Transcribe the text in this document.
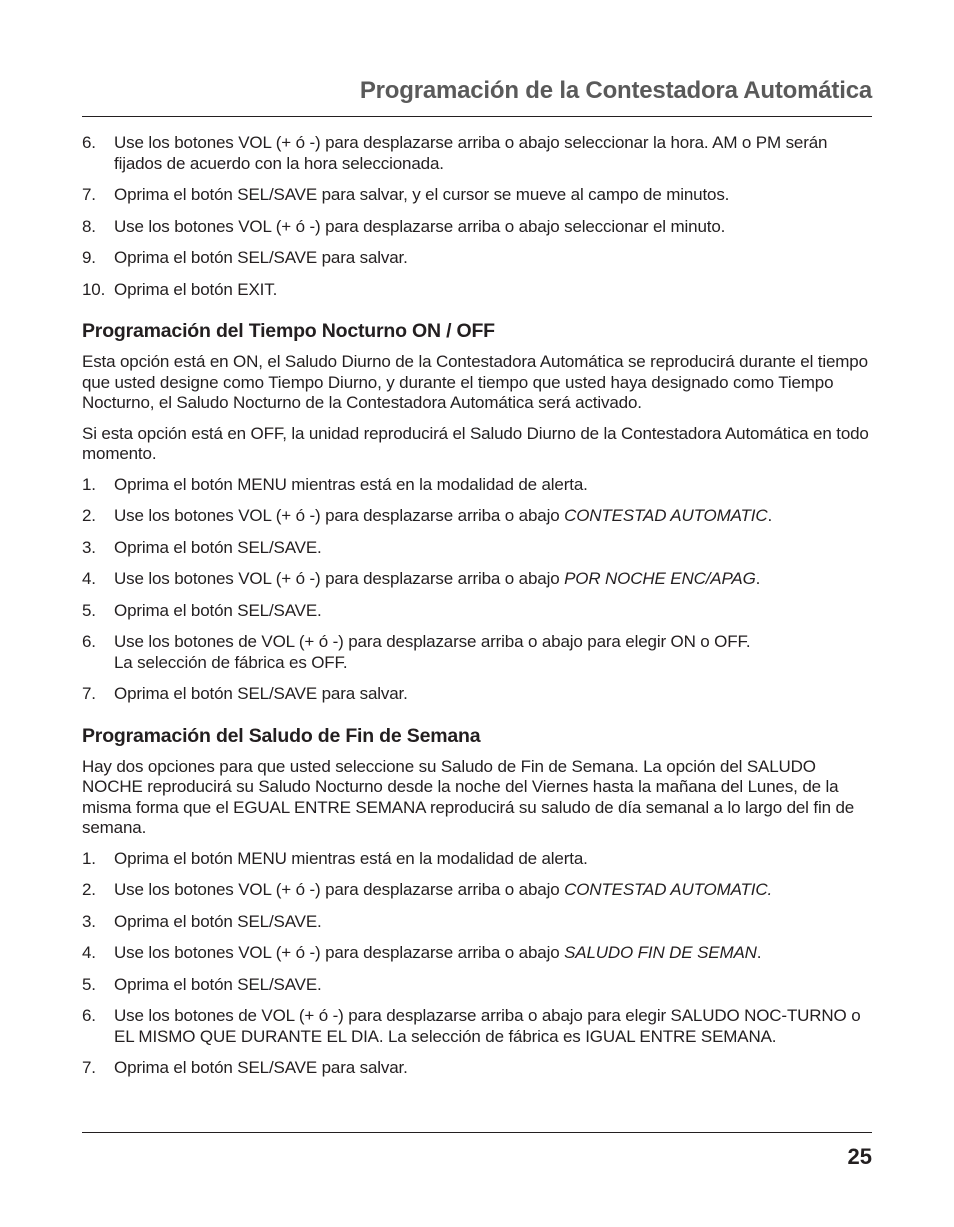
Programación de la Contestadora Automática
6.	Use los botones VOL (+ ó -) para desplazarse arriba o abajo seleccionar la hora. AM o PM serán fijados de acuerdo con la hora seleccionada.
7.	Oprima el botón SEL/SAVE para salvar, y el cursor se mueve al campo de minutos.
8.	Use los botones VOL (+ ó -) para desplazarse arriba o abajo seleccionar el minuto.
9.	Oprima el botón SEL/SAVE para salvar.
10. Oprima el botón EXIT.
Programación del Tiempo Nocturno ON / OFF

Esta opción está en ON, el Saludo Diurno de la Contestadora Automática se reproducirá durante el tiempo que usted designe como Tiempo Diurno, y durante el tiempo que usted haya designado como Tiempo Nocturno, el Saludo Nocturno de la Contestadora Automática será activado.

Si esta opción está en OFF, la unidad reproducirá el Saludo Diurno de la Contestadora Automática en todo momento.

1.	Oprima el botón MENU mientras está en la modalidad de alerta.
2.	Use los botones VOL (+ ó -) para desplazarse arriba o abajo CONTESTAD AUTOMATIC.
3.	Oprima el botón SEL/SAVE.
4.	Use los botones VOL (+ ó -) para desplazarse arriba o abajo POR NOCHE ENC/APAG.
5.	Oprima el botón SEL/SAVE.
6.	Use los botones de VOL (+ ó -) para desplazarse arriba o abajo para elegir ON o OFF.
La selección de fábrica es OFF.
7.	Oprima el botón SEL/SAVE para salvar.
Programación del Saludo de Fin de Semana

Hay dos opciones para que usted seleccione su Saludo de Fin de Semana. La opción del SALUDO NOCHE reproducirá su Saludo Nocturno desde la noche del Viernes hasta la mañana del Lunes, de la misma forma que el EGUAL ENTRE SEMANA reproducirá su saludo de día semanal a lo largo del fin de semana.

1.	Oprima el botón MENU mientras está en la modalidad de alerta.
2.	Use los botones VOL (+ ó -) para desplazarse arriba o abajo CONTESTAD AUTOMATIC.
3.	Oprima el botón SEL/SAVE.
4.	Use los botones VOL (+ ó -) para desplazarse arriba o abajo SALUDO FIN DE SEMAN.
5.	Oprima el botón SEL/SAVE.
6.	Use los botones de VOL (+ ó -) para desplazarse arriba o abajo para elegir SALUDO NOC-TURNO o EL MISMO QUE DURANTE EL DIA. La selección de fábrica es IGUAL ENTRE SEMANA.
7.	Oprima el botón SEL/SAVE para salvar.
25
